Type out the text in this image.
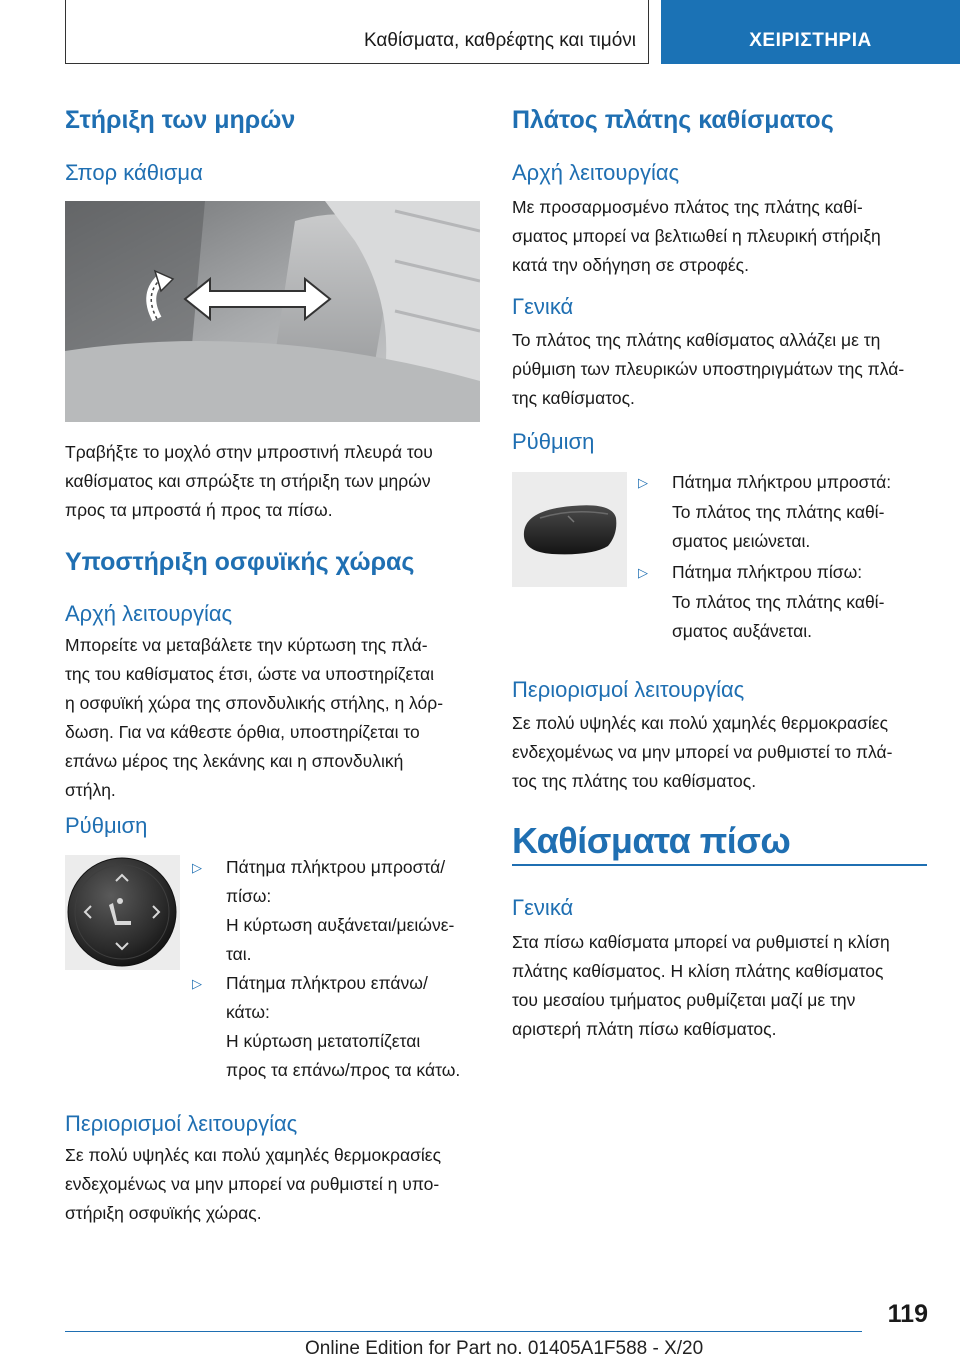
Καθίσματα, καθρέφτης και τιμόνι	ΧΕΙΡΙΣΤΗΡΙΑ
Στήριξη των μηρών
Σπορ κάθισμα
Τραβήξτε το μοχλό στην μπροστινή πλευρά του
καθίσματος και σπρώξτε τη στήριξη των μηρών
προς τα μπροστά ή προς τα πίσω.
Υποστήριξη οσφυϊκής χώρας
Αρχή λειτουργίας
Μπορείτε να μεταβάλετε την κύρτωση της πλά-
της του καθίσματος έτσι, ώστε να υποστηρίζεται
η οσφυϊκή χώρα της σπονδυλικής στήλης, η λόρ-
δωση. Για να κάθεστε όρθια, υποστηρίζεται το
επάνω μέρος της λεκάνης και η σπονδυλική
στήλη.
Ρύθμιση
▷ Πάτημα πλήκτρου μπροστά/
πίσω:
Η κύρτωση αυξάνεται/μειώνε-
ται.
▷ Πάτημα πλήκτρου επάνω/
κάτω:
Η κύρτωση μετατοπίζεται
προς τα επάνω/προς τα κάτω.
Περιορισμοί λειτουργίας
Σε πολύ υψηλές και πολύ χαμηλές θερμοκρασίες
ενδεχομένως να μην μπορεί να ρυθμιστεί η υπο-
στήριξη οσφυϊκής χώρας.
Πλάτος πλάτης καθίσματος
Αρχή λειτουργίας
Με προσαρμοσμένο πλάτος της πλάτης καθί-
σματος μπορεί να βελτιωθεί η πλευρική στήριξη
κατά την οδήγηση σε στροφές.
Γενικά
Το πλάτος της πλάτης καθίσματος αλλάζει με τη
ρύθμιση των πλευρικών υποστηριγμάτων της πλά-
της καθίσματος.
Ρύθμιση
▷ Πάτημα πλήκτρου μπροστά:
Το πλάτος της πλάτης καθί-
σματος μειώνεται.
▷ Πάτημα πλήκτρου πίσω:
Το πλάτος της πλάτης καθί-
σματος αυξάνεται.
Περιορισμοί λειτουργίας
Σε πολύ υψηλές και πολύ χαμηλές θερμοκρασίες
ενδεχομένως να μην μπορεί να ρυθμιστεί το πλά-
τος της πλάτης του καθίσματος.
Καθίσματα πίσω
Γενικά
Στα πίσω καθίσματα μπορεί να ρυθμιστεί η κλίση
πλάτης καθίσματος. Η κλίση πλάτης καθίσματος
του μεσαίου τμήματος ρυθμίζεται μαζί με την
αριστερή πλάτη πίσω καθίσματος.
119
Online Edition for Part no. 01405A1F588 - X/20
